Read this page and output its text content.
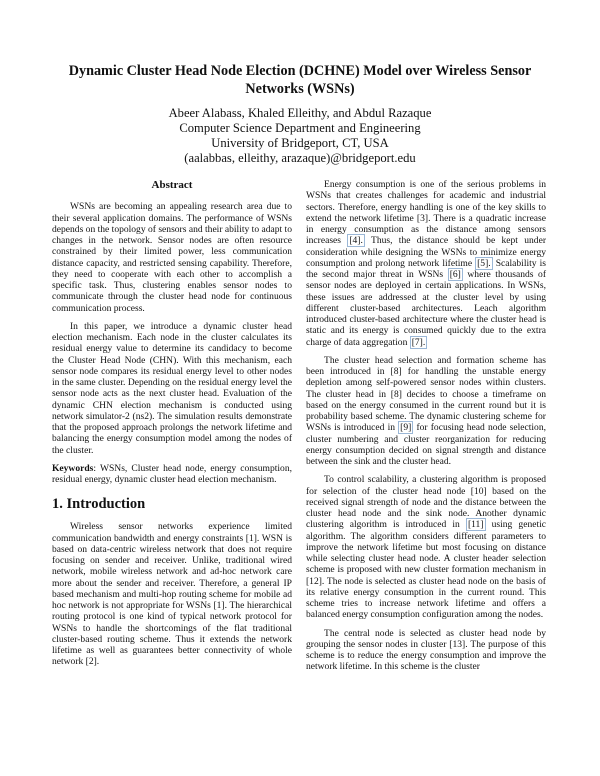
Dynamic Cluster Head Node Election (DCHNE) Model over Wireless Sensor Networks (WSNs)
Abeer Alabass, Khaled Elleithy, and Abdul Razaque
Computer Science Department and Engineering
University of Bridgeport, CT, USA
(aalabbas, elleithy, arazaque)@bridgeport.edu
Abstract

WSNs are becoming an appealing research area due to their several application domains. The performance of WSNs depends on the topology of sensors and their ability to adapt to changes in the network. Sensor nodes are often resource constrained by their limited power, less communication distance capacity, and restricted sensing capability. Therefore, they need to cooperate with each other to accomplish a specific task. Thus, clustering enables sensor nodes to communicate through the cluster head node for continuous communication process.

In this paper, we introduce a dynamic cluster head election mechanism. Each node in the cluster calculates its residual energy value to determine its candidacy to become the Cluster Head Node (CHN). With this mechanism, each sensor node compares its residual energy level to other nodes in the same cluster. Depending on the residual energy level the sensor node acts as the next cluster head. Evaluation of the dynamic CHN election mechanism is conducted using network simulator-2 (ns2). The simulation results demonstrate that the proposed approach prolongs the network lifetime and balancing the energy consumption model among the nodes of the cluster.

Keywords: WSNs, Cluster head node, energy consumption, residual energy, dynamic cluster head election mechanism.

1. Introduction

Wireless sensor networks experience limited communication bandwidth and energy constraints [1]. WSN is based on data-centric wireless network that does not require focusing on sender and receiver. Unlike, traditional wired network, mobile wireless network and ad-hoc network care more about the sender and receiver. Therefore, a general IP based mechanism and multi-hop routing scheme for mobile ad hoc network is not appropriate for WSNs [1]. The hierarchical routing protocol is one kind of typical network protocol for WSNs to handle the shortcomings of the flat traditional cluster-based routing scheme. Thus it extends the network lifetime as well as guarantees better connectivity of whole network [2].

Energy consumption is one of the serious problems in WSNs that creates challenges for academic and industrial sectors. Therefore, energy handling is one of the key skills to extend the network lifetime [3]. There is a quadratic increase in energy consumption as the distance among sensors increases [4]. Thus, the distance should be kept under consideration while designing the WSNs to minimize energy consumption and prolong network lifetime [5]. Scalability is the second major threat in WSNs [6] where thousands of sensor nodes are deployed in certain applications. In WSNs, these issues are addressed at the cluster level by using different cluster-based architectures. Leach algorithm introduced cluster-based architecture where the cluster head is static and its energy is consumed quickly due to the extra charge of data aggregation [7].

The cluster head selection and formation scheme has been introduced in [8] for handling the unstable energy depletion among self-powered sensor nodes within clusters. The cluster head in [8] decides to choose a timeframe on based on the energy consumed in the current round but it is probability based scheme. The dynamic clustering scheme for WSNs is introduced in [9] for focusing head node selection, cluster numbering and cluster reorganization for reducing energy consumption decided on signal strength and distance between the sink and the cluster head.

To control scalability, a clustering algorithm is proposed for selection of the cluster head node [10] based on the received signal strength of node and the distance between the cluster head node and the sink node. Another dynamic clustering algorithm is introduced in [11] using genetic algorithm. The algorithm considers different parameters to improve the network lifetime but most focusing on distance while selecting cluster head node. A cluster header selection scheme is proposed with new cluster formation mechanism in [12]. The node is selected as cluster head node on the basis of its relative energy consumption in the current round. This scheme tries to increase network lifetime and offers a balanced energy consumption configuration among the nodes.

The central node is selected as cluster head node by grouping the sensor nodes in cluster [13]. The purpose of this scheme is to reduce the energy consumption and improve the network lifetime. In this scheme is the cluster
